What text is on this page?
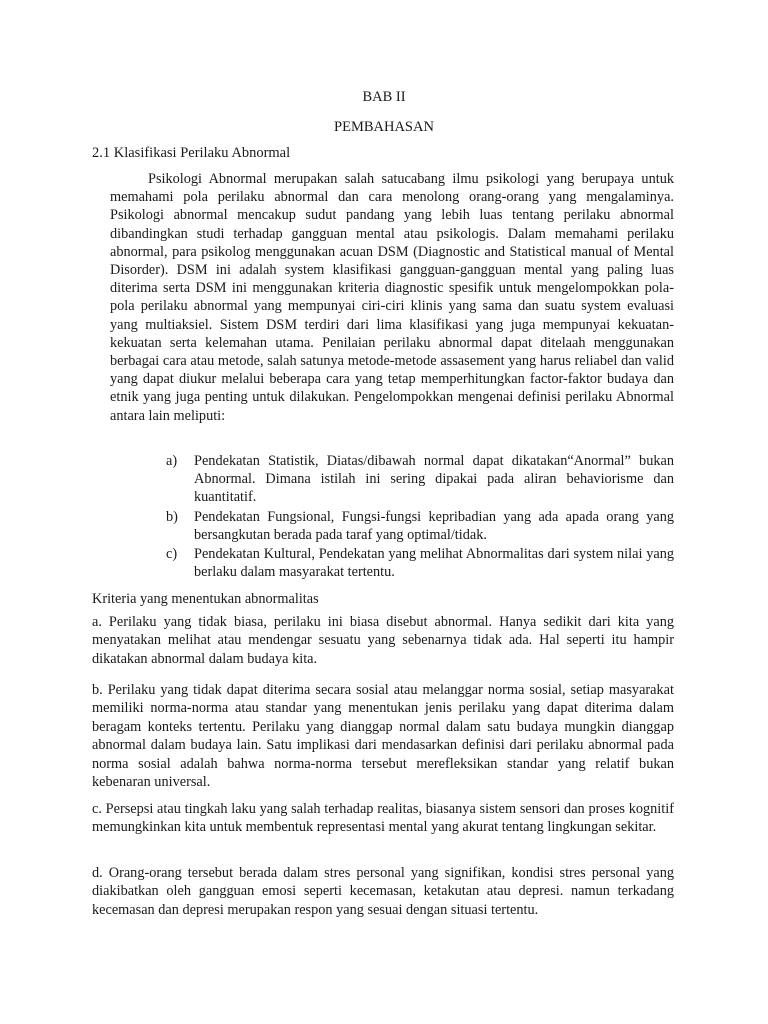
BAB II

PEMBAHASAN

2.1 Klasifikasi Perilaku Abnormal

Psikologi Abnormal merupakan salah satucabang ilmu psikologi yang berupaya untuk memahami pola perilaku abnormal dan cara menolong orang-orang yang mengalaminya. Psikologi abnormal mencakup sudut pandang yang lebih luas tentang perilaku abnormal dibandingkan studi terhadap gangguan mental atau psikologis. Dalam memahami perilaku abnormal, para psikolog menggunakan acuan DSM (Diagnostic and Statistical manual of Mental Disorder). DSM ini adalah system klasifikasi gangguan-gangguan mental yang paling luas diterima serta DSM ini menggunakan kriteria diagnostic spesifik untuk mengelompokkan pola-pola perilaku abnormal yang mempunyai ciri-ciri klinis yang sama dan suatu system evaluasi yang multiaksiel. Sistem DSM terdiri dari lima klasifikasi yang juga mempunyai kekuatan-kekuatan serta kelemahan utama. Penilaian perilaku abnormal dapat ditelaah menggunakan berbagai cara atau metode, salah satunya metode-metode assasement yang harus reliabel dan valid yang dapat diukur melalui beberapa cara yang tetap memperhitungkan factor-faktor budaya dan etnik yang juga penting untuk dilakukan. Pengelompokkan mengenai definisi perilaku Abnormal antara lain meliputi:

a) Pendekatan Statistik, Diatas/dibawah normal dapat dikatakan“Anormal” bukan Abnormal. Dimana istilah ini sering dipakai pada aliran behaviorisme dan kuantitatif.
b) Pendekatan Fungsional, Fungsi-fungsi kepribadian yang ada apada orang yang bersangkutan berada pada taraf yang optimal/tidak.
c) Pendekatan Kultural, Pendekatan yang melihat Abnormalitas dari system nilai yang berlaku dalam masyarakat tertentu.

Kriteria yang menentukan abnormalitas

a. Perilaku yang tidak biasa, perilaku ini biasa disebut abnormal. Hanya sedikit dari kita yang menyatakan melihat atau mendengar sesuatu yang sebenarnya tidak ada. Hal seperti itu hampir dikatakan abnormal dalam budaya kita.

b. Perilaku yang tidak dapat diterima secara sosial atau melanggar norma sosial, setiap masyarakat memiliki norma-norma atau standar yang menentukan jenis perilaku yang dapat diterima dalam beragam konteks tertentu. Perilaku yang dianggap normal dalam satu budaya mungkin dianggap abnormal dalam budaya lain. Satu implikasi dari mendasarkan definisi dari perilaku abnormal pada norma sosial adalah bahwa norma-norma tersebut merefleksikan standar yang relatif bukan kebenaran universal.

c. Persepsi atau tingkah laku yang salah terhadap realitas, biasanya sistem sensori dan proses kognitif memungkinkan kita untuk membentuk representasi mental yang akurat tentang lingkungan sekitar.

d. Orang-orang tersebut berada dalam stres personal yang signifikan, kondisi stres personal yang diakibatkan oleh gangguan emosi seperti kecemasan, ketakutan atau depresi. namun terkadang kecemasan dan depresi merupakan respon yang sesuai dengan situasi tertentu.
